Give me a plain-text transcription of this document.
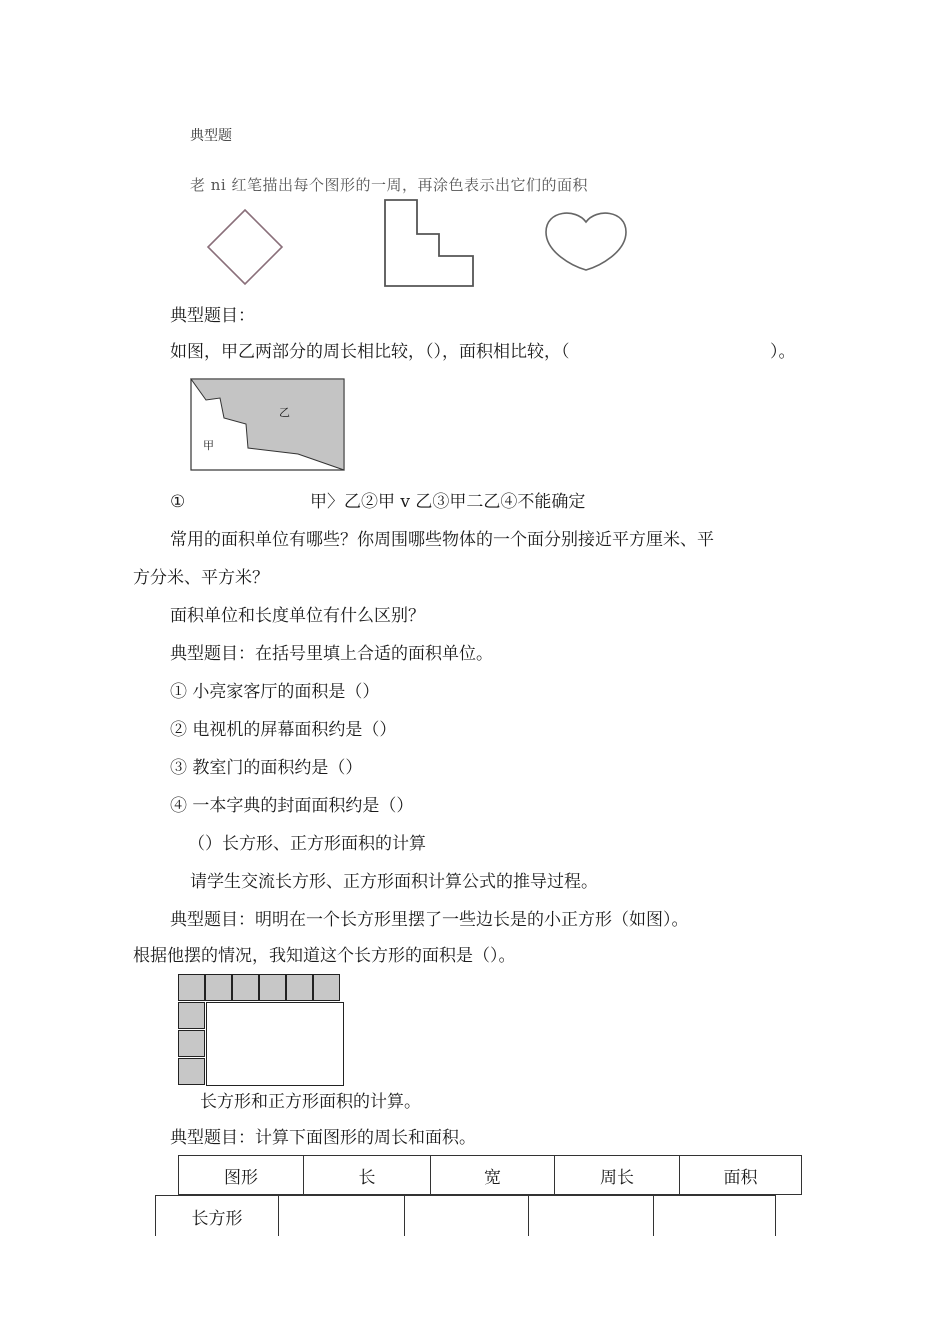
典型题
老 ni 红笔描出每个图形的一周，再涂色表示出它们的面积
典型题目：
如图，甲乙两部分的周长相比较，（），面积相比较，（	）。
乙
甲
①	甲〉乙②甲 v 乙③甲二乙④不能确定
常用的面积单位有哪些？你周围哪些物体的一个面分别接近平方厘米、平
方分米、平方米？
面积单位和长度单位有什么区别？
典型题目：在括号里填上合适的面积单位。
① 小亮家客厅的面积是（）
② 电视机的屏幕面积约是（）
③ 教室门的面积约是（）
④ 一本字典的封面面积约是（）
（）长方形、正方形面积的计算
请学生交流长方形、正方形面积计算公式的推导过程。
典型题目：明明在一个长方形里摆了一些边长是的小正方形（如图）。
根据他摆的情况，我知道这个长方形的面积是（）。
长方形和正方形面积的计算。
典型题目：计算下面图形的周长和面积。
图形	长	宽	周长	面积
长方形				
